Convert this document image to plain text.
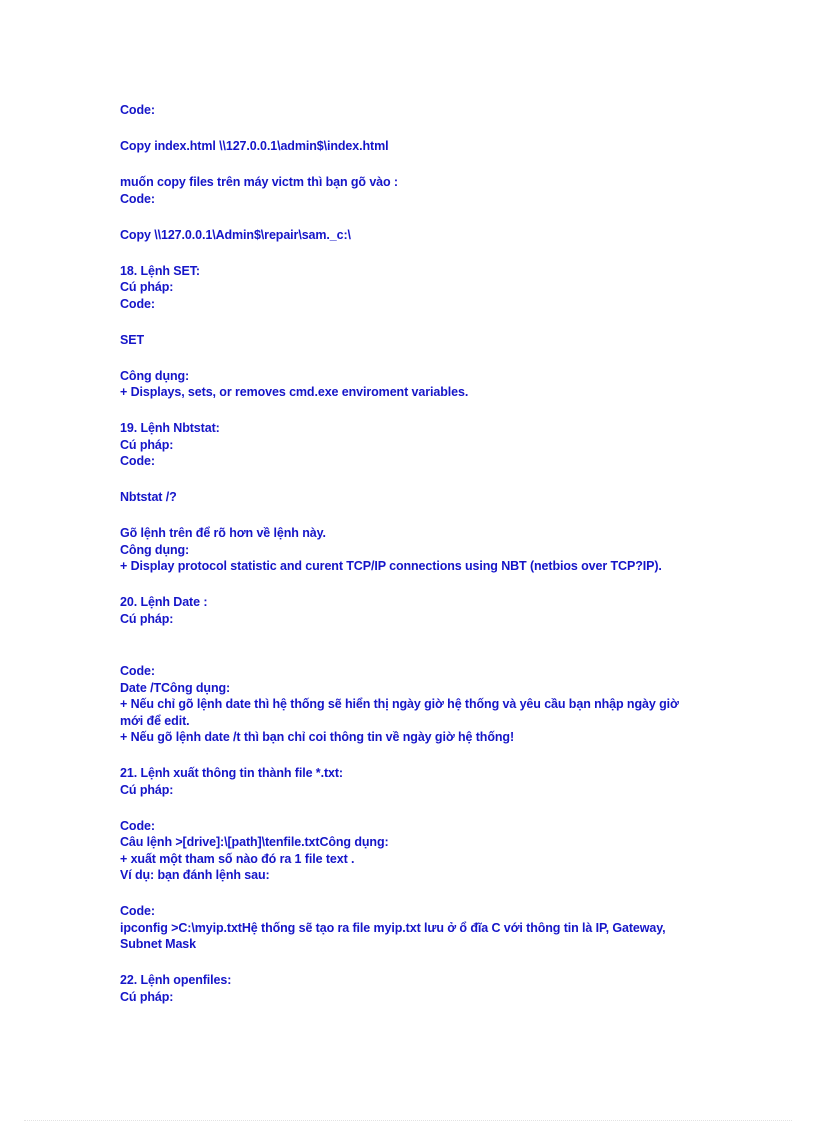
Code:
Copy index.html \\127.0.0.1\admin$\index.html
muốn copy files trên máy victm thì bạn gõ vào :
Code:
Copy \\127.0.0.1\Admin$\repair\sam._c:\
18. Lệnh SET:
Cú pháp:
Code:
SET
Công dụng:
+ Displays, sets, or removes cmd.exe enviroment variables.
19. Lệnh Nbtstat:
Cú pháp:
Code:
Nbtstat /?
Gõ lệnh trên để rõ hơn về lệnh này.
Công dụng:
+ Display protocol statistic and curent TCP/IP connections using NBT (netbios over TCP?IP).
20. Lệnh Date :
Cú pháp:
Code:
Date /TCông dụng:
+ Nếu chỉ gõ lệnh date thì hệ thống sẽ hiển thị ngày giờ hệ thống và yêu cầu bạn nhập ngày giờ mới để edit.
+ Nếu gõ lệnh date /t thì bạn chỉ coi thông tin về ngày giờ hệ thống!
21. Lệnh xuất thông tin thành file *.txt:
Cú pháp:
Code:
Câu lệnh >[drive]:\[path]\tenfile.txtCông dụng:
+ xuất một tham số nào đó ra 1 file text .
Ví dụ: bạn đánh lệnh sau:
Code:
ipconfig >C:\myip.txtHệ thống sẽ tạo ra file myip.txt lưu ở ổ đĩa C với thông tin là IP, Gateway, Subnet Mask
22. Lệnh openfiles:
Cú pháp:
